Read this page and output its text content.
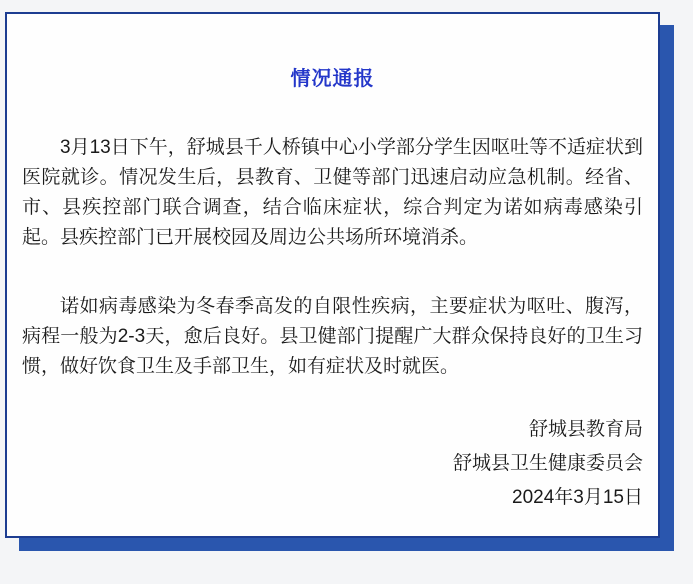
情况通报

3月13日下午，舒城县千人桥镇中心小学部分学生因呕吐等不适症状到医院就诊。情况发生后，县教育、卫健等部门迅速启动应急机制。经省、市、县疾控部门联合调查，结合临床症状，综合判定为诺如病毒感染引起。县疾控部门已开展校园及周边公共场所环境消杀。

诺如病毒感染为冬春季高发的自限性疾病，主要症状为呕吐、腹泻，病程一般为2-3天，愈后良好。县卫健部门提醒广大群众保持良好的卫生习惯，做好饮食卫生及手部卫生，如有症状及时就医。

舒城县教育局
舒城县卫生健康委员会
2024年3月15日
